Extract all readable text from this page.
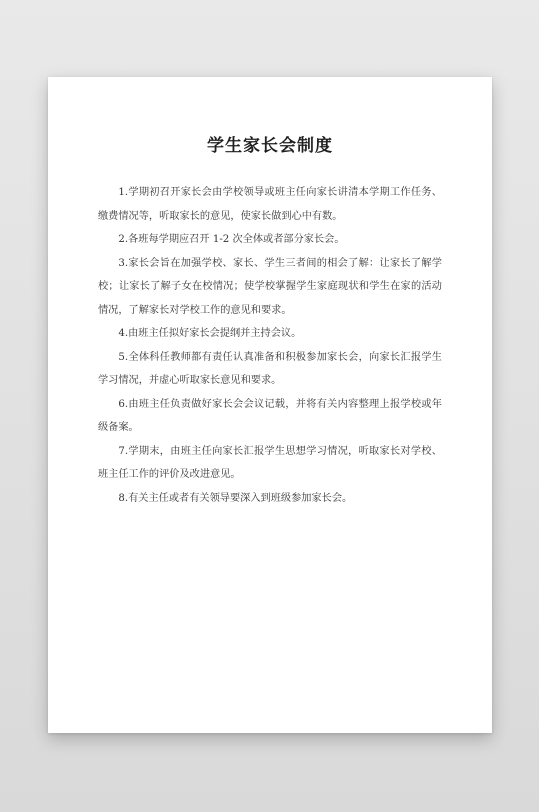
学生家长会制度

1.学期初召开家长会由学校领导或班主任向家长讲清本学期工作任务、缴费情况等，听取家长的意见，使家长做到心中有数。

2.各班每学期应召开 1-2 次全体或者部分家长会。

3.家长会旨在加强学校、家长、学生三者间的相会了解：让家长了解学校；让家长了解子女在校情况；使学校掌握学生家庭现状和学生在家的活动情况，了解家长对学校工作的意见和要求。

4.由班主任拟好家长会提纲并主持会议。

5.全体科任教师都有责任认真准备和积极参加家长会，向家长汇报学生学习情况，并虚心听取家长意见和要求。

6.由班主任负责做好家长会会议记载，并将有关内容整理上报学校或年级备案。

7.学期末，由班主任向家长汇报学生思想学习情况，听取家长对学校、班主任工作的评价及改进意见。

8.有关主任或者有关领导要深入到班级参加家长会。
